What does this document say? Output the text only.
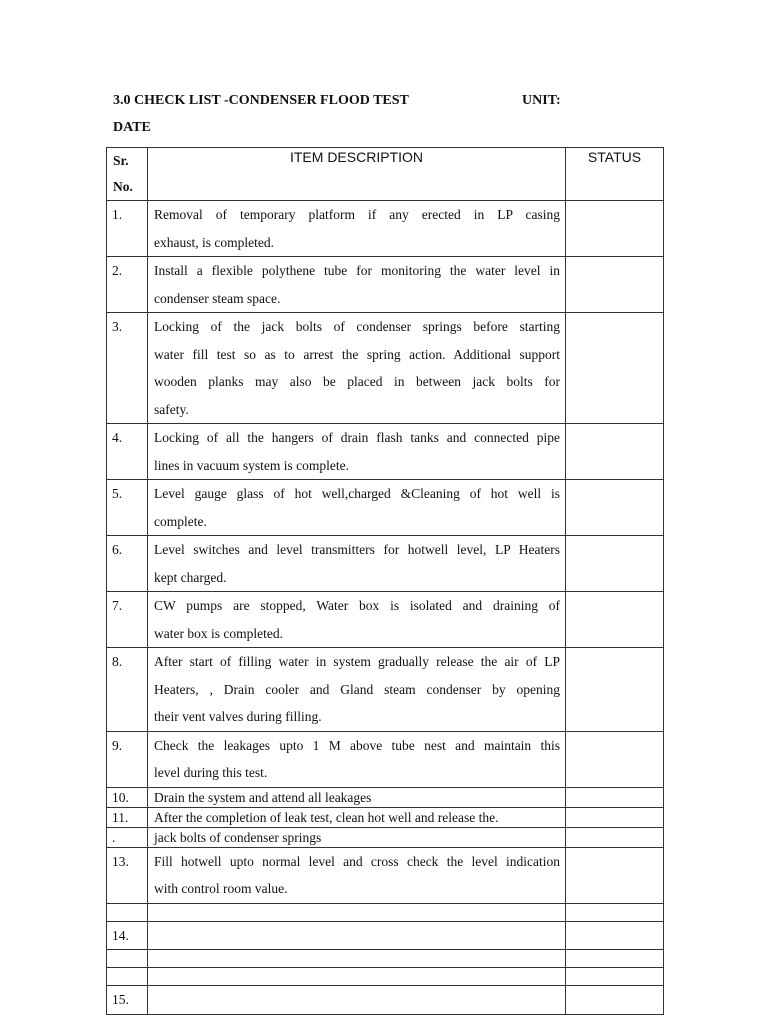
3.0 CHECK LIST -CONDENSER FLOOD TEST	UNIT:
DATE
Sr.
No.	ITEM DESCRIPTION	STATUS

1.	Removal of temporary platform if any erected in LP casing
exhaust, is completed.	

2.	Install a flexible polythene tube for monitoring the water level in
condenser steam space.	

3.	Locking of the jack bolts of condenser springs before starting
water fill test so as to arrest the spring action. Additional support
wooden planks may also be placed in between jack bolts for
safety.	

4.	Locking of all the hangers of drain flash tanks and connected pipe
lines in vacuum system is complete.	

5.	Level gauge glass of hot well,charged &Cleaning of hot well is
complete.	

6.	Level switches and level transmitters for hotwell level, LP Heaters
kept charged.	

7.	CW pumps are stopped, Water box is isolated and draining of
water box is completed.	

8.	After start of filling water in system gradually release the air of LP
Heaters, , Drain cooler and Gland steam condenser by opening
their vent valves during filling.	

9.	Check the leakages upto 1 M above tube nest and maintain this
level during this test.	

10.	Drain the system and attend all leakages	

11.	After the completion of leak test, clean hot well and release the.	

.	jack bolts of condenser springs	

13.	Fill hotwell upto normal level and cross check the level indication
with control room value.	

14.		

15.		
